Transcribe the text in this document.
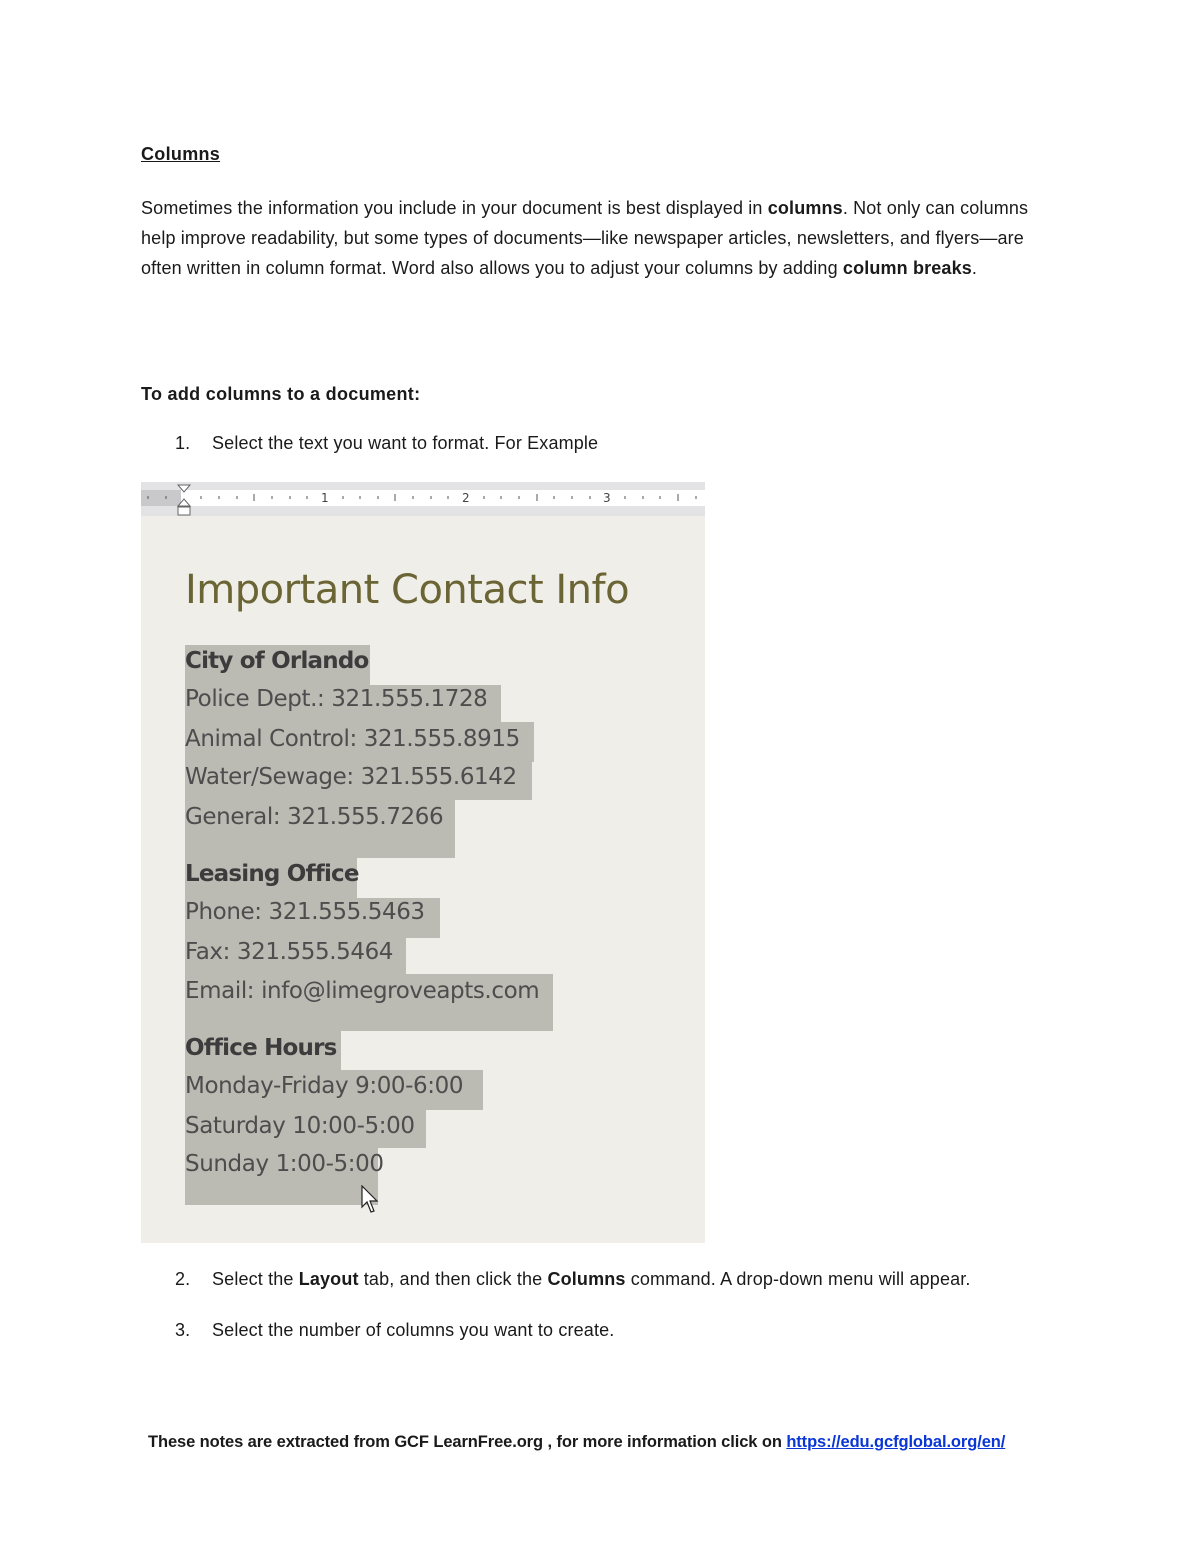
Columns

Sometimes the information you include in your document is best displayed in columns. Not only can columns help improve readability, but some types of documents—like newspaper articles, newsletters, and flyers—are often written in column format. Word also allows you to adjust your columns by adding column breaks.

To add columns to a document:

1. Select the text you want to format. For Example

1	2	3

Important Contact Info

City of Orlando

Police Dept.: 321.555.1728

Animal Control: 321.555.8915

Water/Sewage: 321.555.6142

General: 321.555.7266

Leasing Office

Phone: 321.555.5463

Fax: 321.555.5464

Email: info@limegroveapts.com

Office Hours

Monday-Friday 9:00-6:00

Saturday 10:00-5:00

Sunday 1:00-5:00

2. Select the Layout tab, and then click the Columns command. A drop-down menu will appear.

3. Select the number of columns you want to create.

These notes are extracted from GCF LearnFree.org , for more information click on https://edu.gcfglobal.org/en/
